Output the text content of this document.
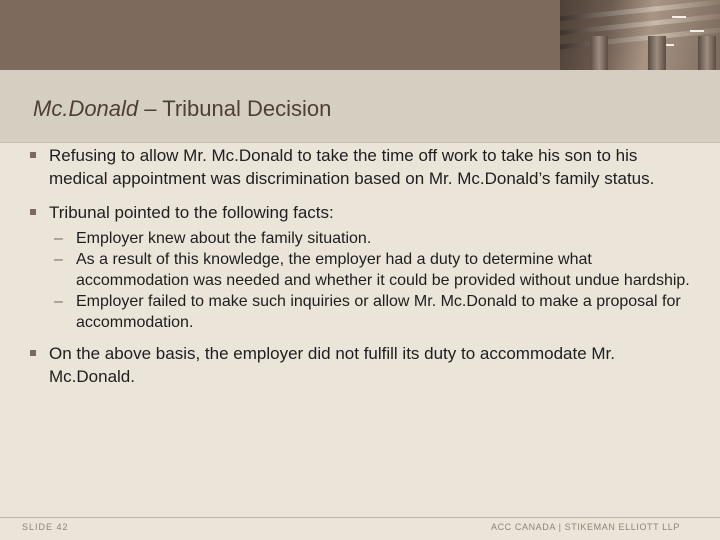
Mc.Donald – Tribunal Decision
Refusing to allow Mr. Mc.Donald to take the time off work to take his son to his medical appointment was discrimination based on Mr. Mc.Donald’s family status.
Tribunal pointed to the following facts:
– Employer knew about the family situation.
– As a result of this knowledge, the employer had a duty to determine what accommodation was needed and whether it could be provided without undue hardship.
– Employer failed to make such inquiries or allow Mr. Mc.Donald to make a proposal for accommodation.
On the above basis, the employer did not fulfill its duty to accommodate Mr. Mc.Donald.
SLIDE 42	ACC CANADA | STIKEMAN ELLIOTT LLP
